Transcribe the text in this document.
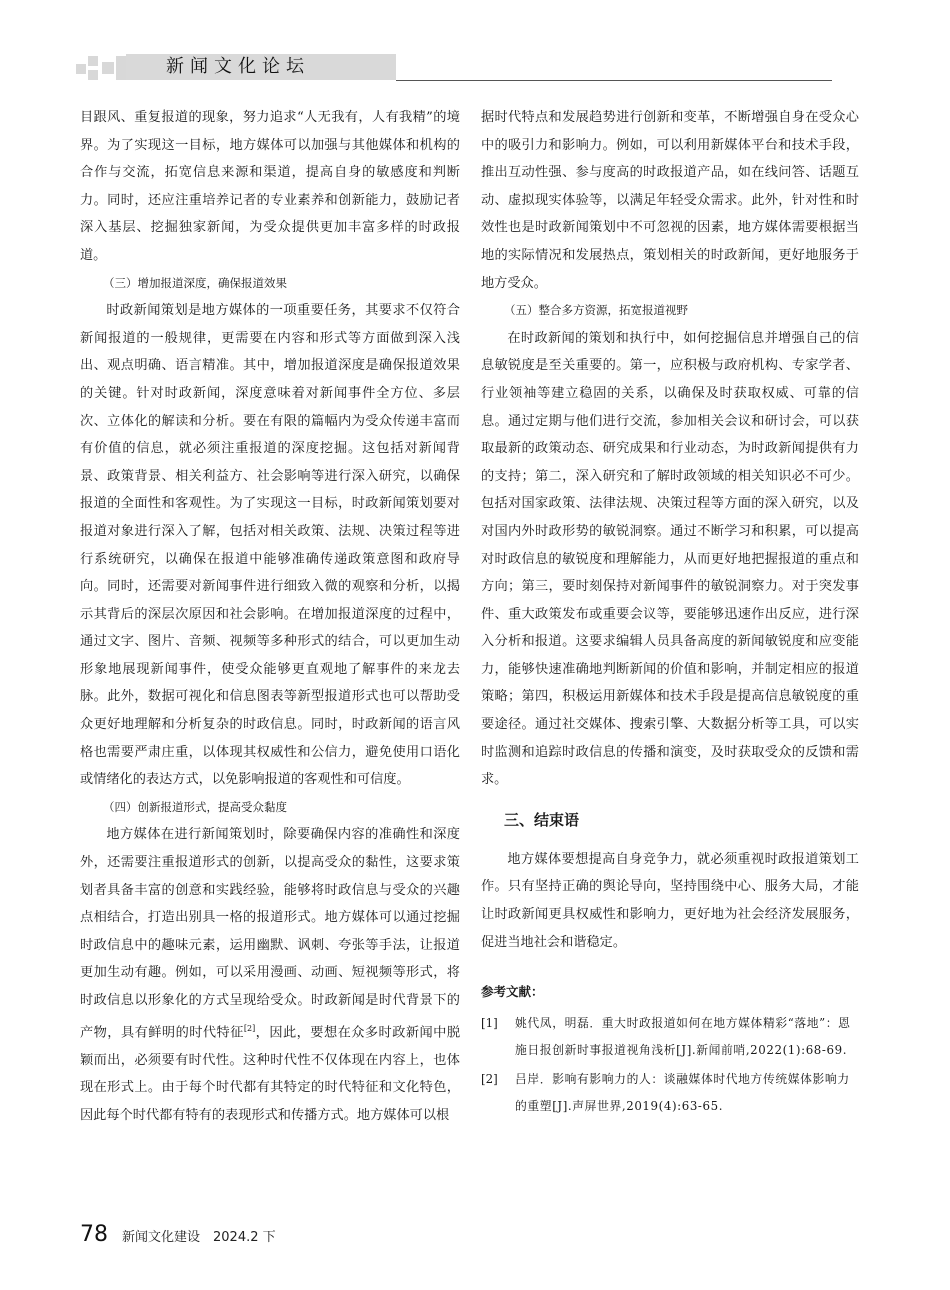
新闻文化论坛

目跟风、重复报道的现象，努力追求“人无我有，人有我精”的境界。为了实现这一目标，地方媒体可以加强与其他媒体和机构的合作与交流，拓宽信息来源和渠道，提高自身的敏感度和判断力。同时，还应注重培养记者的专业素养和创新能力，鼓励记者深入基层、挖掘独家新闻，为受众提供更加丰富多样的时政报道。

（三）增加报道深度，确保报道效果

时政新闻策划是地方媒体的一项重要任务，其要求不仅符合新闻报道的一般规律，更需要在内容和形式等方面做到深入浅出、观点明确、语言精准。其中，增加报道深度是确保报道效果的关键。针对时政新闻，深度意味着对新闻事件全方位、多层次、立体化的解读和分析。要在有限的篇幅内为受众传递丰富而有价值的信息，就必须注重报道的深度挖掘。这包括对新闻背景、政策背景、相关利益方、社会影响等进行深入研究，以确保报道的全面性和客观性。为了实现这一目标，时政新闻策划要对报道对象进行深入了解，包括对相关政策、法规、决策过程等进行系统研究，以确保在报道中能够准确传递政策意图和政府导向。同时，还需要对新闻事件进行细致入微的观察和分析，以揭示其背后的深层次原因和社会影响。在增加报道深度的过程中，通过文字、图片、音频、视频等多种形式的结合，可以更加生动形象地展现新闻事件，使受众能够更直观地了解事件的来龙去脉。此外，数据可视化和信息图表等新型报道形式也可以帮助受众更好地理解和分析复杂的时政信息。同时，时政新闻的语言风格也需要严肃庄重，以体现其权威性和公信力，避免使用口语化或情绪化的表达方式，以免影响报道的客观性和可信度。

（四）创新报道形式，提高受众黏度

地方媒体在进行新闻策划时，除要确保内容的准确性和深度外，还需要注重报道形式的创新，以提高受众的黏性，这要求策划者具备丰富的创意和实践经验，能够将时政信息与受众的兴趣点相结合，打造出别具一格的报道形式。地方媒体可以通过挖掘时政信息中的趣味元素，运用幽默、讽刺、夸张等手法，让报道更加生动有趣。例如，可以采用漫画、动画、短视频等形式，将时政信息以形象化的方式呈现给受众。时政新闻是时代背景下的产物，具有鲜明的时代特征[2]，因此，要想在众多时政新闻中脱颖而出，必须要有时代性。这种时代性不仅体现在内容上，也体现在形式上。由于每个时代都有其特定的时代特征和文化特色，因此每个时代都有特有的表现形式和传播方式。地方媒体可以根

据时代特点和发展趋势进行创新和变革，不断增强自身在受众心中的吸引力和影响力。例如，可以利用新媒体平台和技术手段，推出互动性强、参与度高的时政报道产品，如在线问答、话题互动、虚拟现实体验等，以满足年轻受众需求。此外，针对性和时效性也是时政新闻策划中不可忽视的因素，地方媒体需要根据当地的实际情况和发展热点，策划相关的时政新闻，更好地服务于地方受众。

（五）整合多方资源，拓宽报道视野

在时政新闻的策划和执行中，如何挖掘信息并增强自己的信息敏锐度是至关重要的。第一，应积极与政府机构、专家学者、行业领袖等建立稳固的关系，以确保及时获取权威、可靠的信息。通过定期与他们进行交流，参加相关会议和研讨会，可以获取最新的政策动态、研究成果和行业动态，为时政新闻提供有力的支持；第二，深入研究和了解时政领域的相关知识必不可少。包括对国家政策、法律法规、决策过程等方面的深入研究，以及对国内外时政形势的敏锐洞察。通过不断学习和积累，可以提高对时政信息的敏锐度和理解能力，从而更好地把握报道的重点和方向；第三，要时刻保持对新闻事件的敏锐洞察力。对于突发事件、重大政策发布或重要会议等，要能够迅速作出反应，进行深入分析和报道。这要求编辑人员具备高度的新闻敏锐度和应变能力，能够快速准确地判断新闻的价值和影响，并制定相应的报道策略；第四，积极运用新媒体和技术手段是提高信息敏锐度的重要途径。通过社交媒体、搜索引擎、大数据分析等工具，可以实时监测和追踪时政信息的传播和演变，及时获取受众的反馈和需求。

三、结束语

地方媒体要想提高自身竞争力，就必须重视时政报道策划工作。只有坚持正确的舆论导向，坚持围绕中心、服务大局，才能让时政新闻更具权威性和影响力，更好地为社会经济发展服务，促进当地社会和谐稳定。

参考文献：
[1]	姚代凤，明磊．重大时政报道如何在地方媒体精彩“落地”：恩施日报创新时事报道视角浅析[J].新闻前哨,2022(1):68-69.
[2]	吕岸．影响有影响力的人：谈融媒体时代地方传统媒体影响力的重塑[J].声屏世界,2019(4):63-65.
78 新闻文化建设　2024.2 下
